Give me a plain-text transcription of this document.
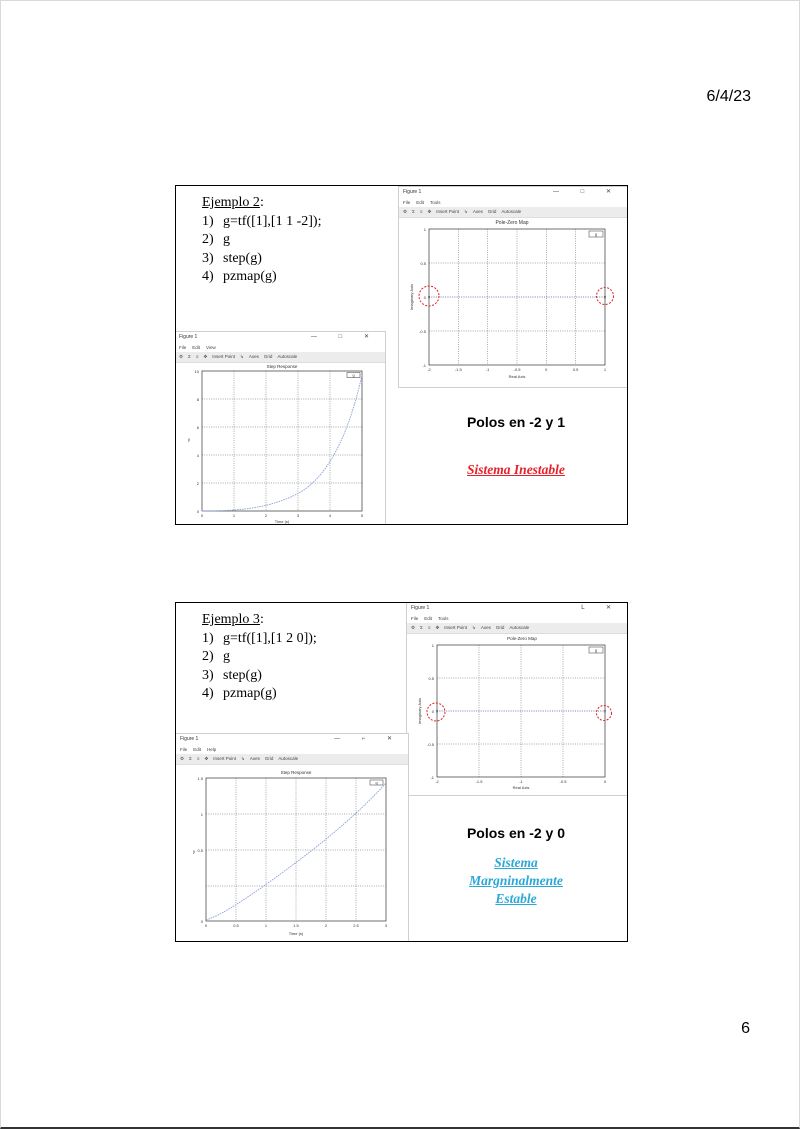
6/4/23
Ejemplo 2:
1) g=tf([1],[1 1 -2]);
2) g
3) step(g)
4) pzmap(g)
Figure 1	— □ ✕
File Edit Tools
⚙ Σ ≡ ✥ Insert Point ↳ Axes Grid Autoscale
Pole-Zero Map
-2	-1.5	-1	-0.5	0	0.5	1
1
0.5
0
-0.5
-1
Real Axis
Imaginary Axis
g
×	×
Figure 1	— □ ✕
File Edit View
⚙ Σ ≡ ✥ Insert Point ↳ Axes Grid Autoscale
Step Response
0	1	2	3	4	5
10
8
6
4
2
0
Time (s)
y
g
Polos en -2 y 1
Sistema Inestable
Ejemplo 3:
1) g=tf([1],[1 2 0]);
2) g
3) step(g)
4) pzmap(g)
Figure 1	L ✕
File Edit Tools
⚙ Σ ≡ ✥ Insert Point ↳ Axes Grid Autoscale
Pole-Zero Map
-2	-1.5	-1	-0.5	0
1
0.5
0
-0.5
-1
Real Axis
Imaginary Axis
g
×	×
Figure 1	— ⌐ ✕
File Edit Help
⚙ Σ ≡ ✥ Insert Point ↳ Axes Grid Autoscale
Step Response
0	0.5	1	1.5	2	2.5	3
1.5
1
0.5
0
Time (s)
y
g
Polos en -2 y 0
Sistema
Margninalmente
Estable
6
